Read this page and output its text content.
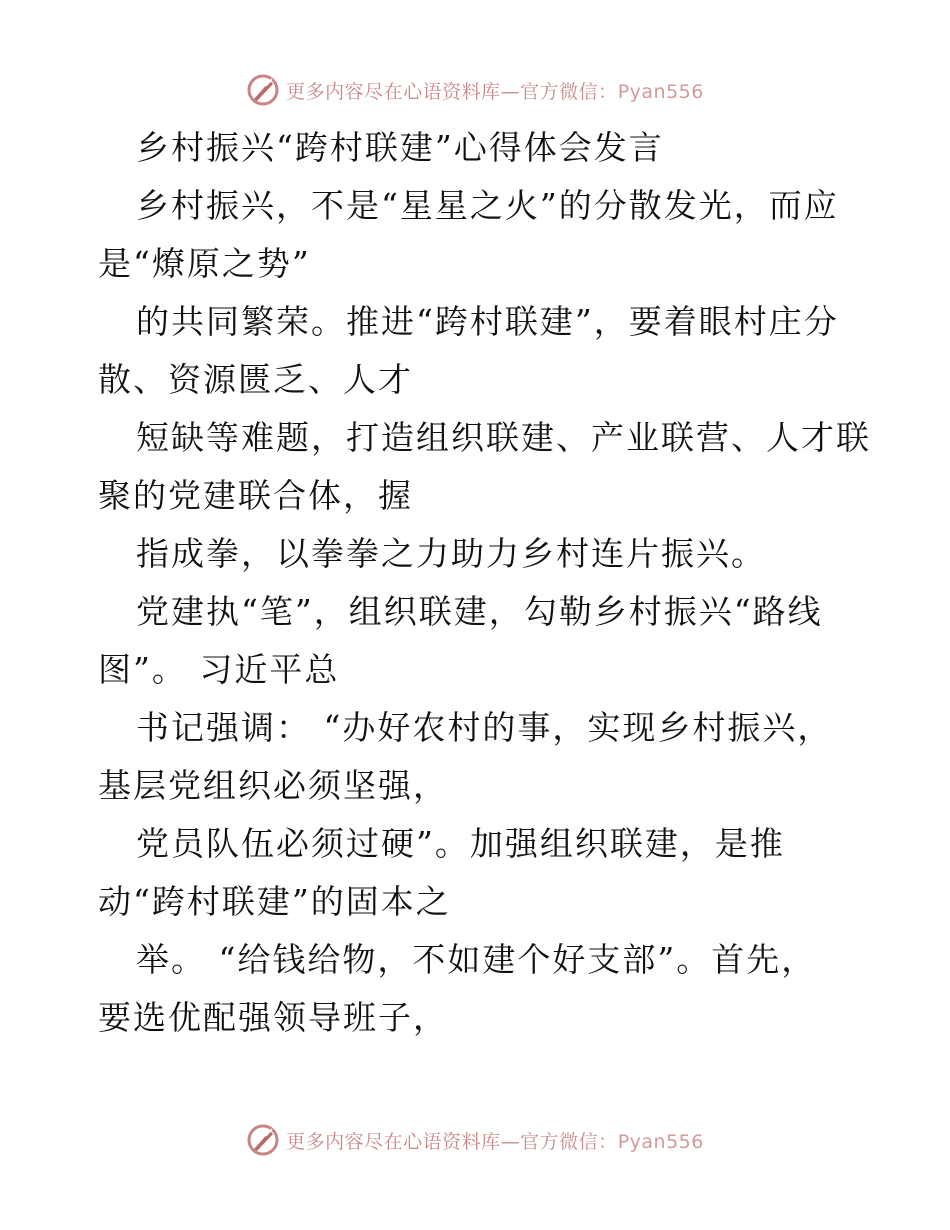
更多内容尽在心语资料库—官方微信：Pyan556
乡村振兴“跨村联建”心得体会发言
乡村振兴，不是“星星之火”的分散发光，而应
是“燎原之势”
的共同繁荣。推进“跨村联建”，要着眼村庄分
散、资源匮乏、人才
短缺等难题，打造组织联建、产业联营、人才联
聚的党建联合体，握
指成拳，以拳拳之力助力乡村连片振兴。
党建执“笔”，组织联建，勾勒乡村振兴“路线
图”。 习近平总
书记强调： “办好农村的事，实现乡村振兴，
基层党组织必须坚强，
党员队伍必须过硬”。加强组织联建，是推
动“跨村联建”的固本之
举。 “给钱给物，不如建个好支部”。首先，
要选优配强领导班子，
更多内容尽在心语资料库—官方微信：Pyan556
